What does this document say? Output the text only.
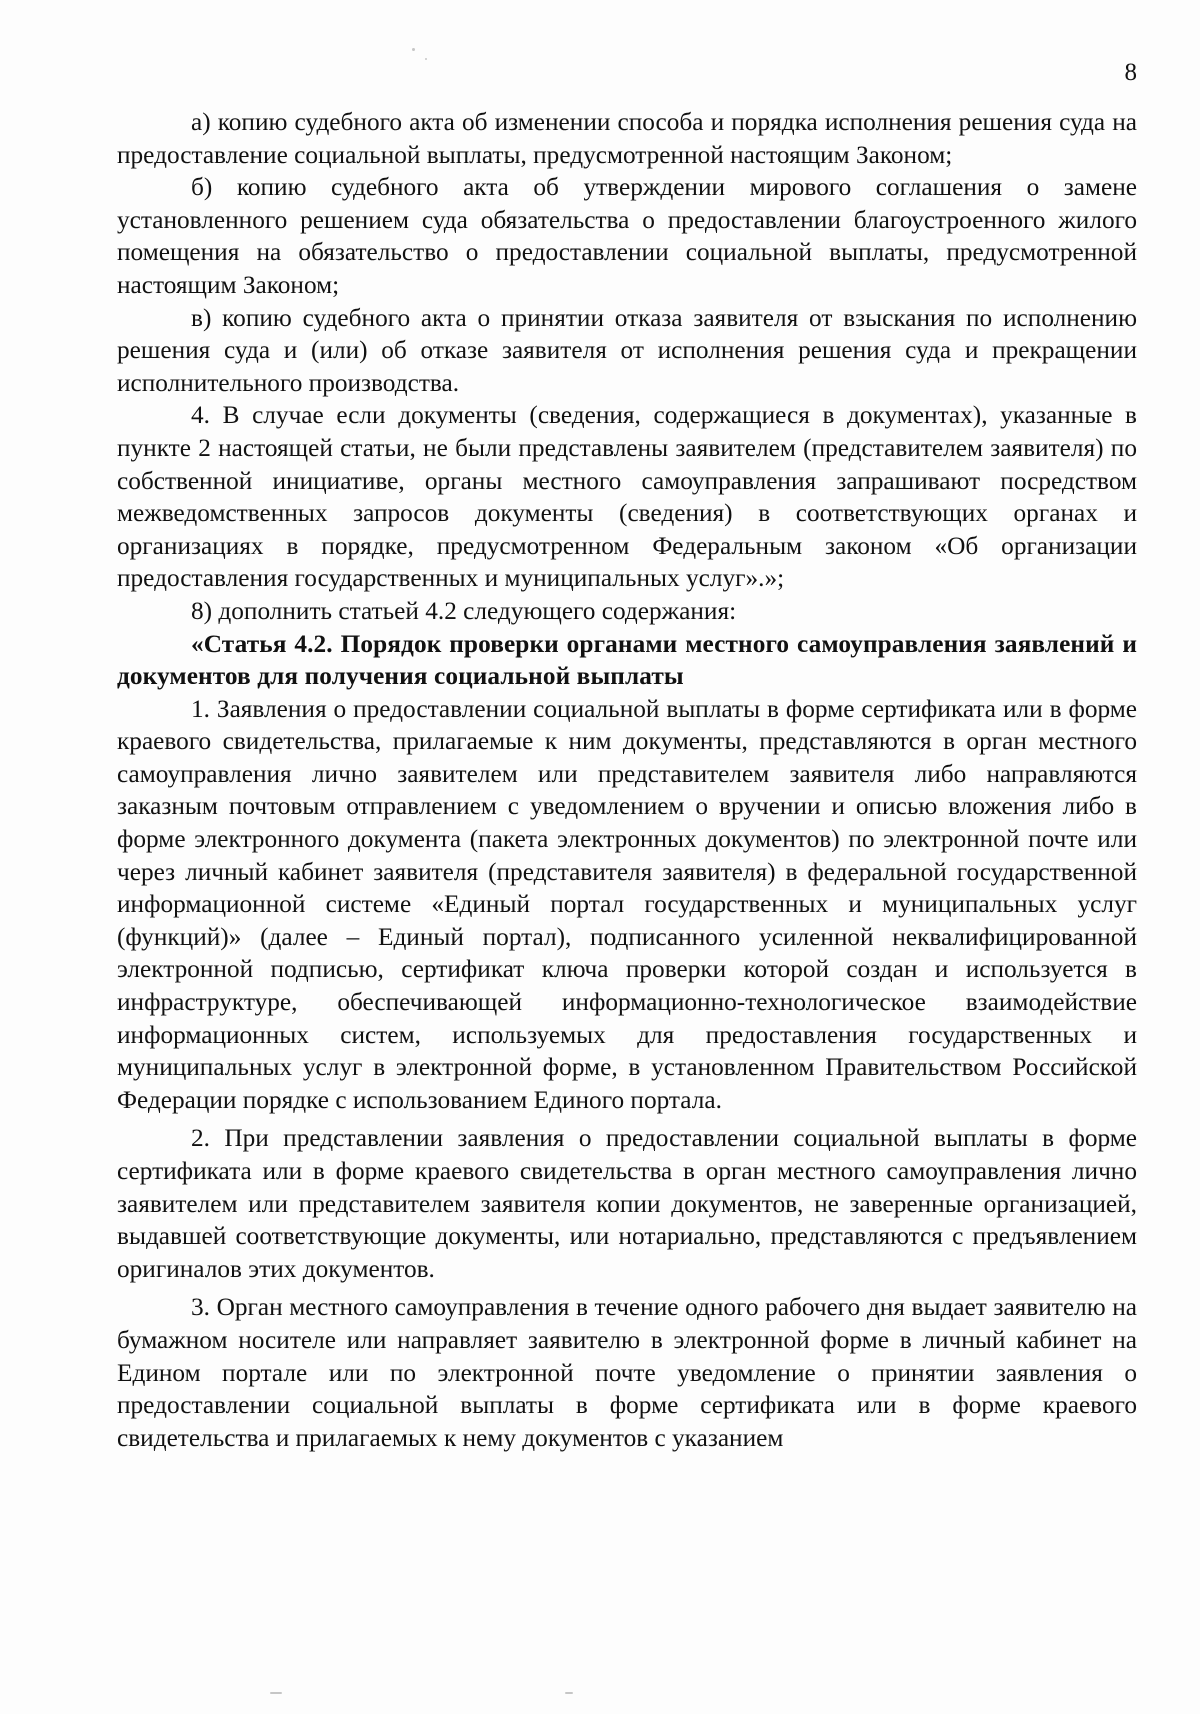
8

а) копию судебного акта об изменении способа и порядка исполнения решения суда на предоставление социальной выплаты, предусмотренной настоящим Законом;

б) копию судебного акта об утверждении мирового соглашения о замене установленного решением суда обязательства о предоставлении благоустроенного жилого помещения на обязательство о предоставлении социальной выплаты, предусмотренной настоящим Законом;

в) копию судебного акта о принятии отказа заявителя от взыскания по исполнению решения суда и (или) об отказе заявителя от исполнения решения суда и прекращении исполнительного производства.

4. В случае если документы (сведения, содержащиеся в документах), указанные в пункте 2 настоящей статьи, не были представлены заявителем (представителем заявителя) по собственной инициативе, органы местного самоуправления запрашивают посредством межведомственных запросов документы (сведения) в соответствующих органах и организациях в порядке, предусмотренном Федеральным законом «Об организации предоставления государственных и муниципальных услуг».»;

8) дополнить статьей 4.2 следующего содержания:

«Статья 4.2. Порядок проверки органами местного самоуправления заявлений и документов для получения социальной выплаты

1. Заявления о предоставлении социальной выплаты в форме сертификата или в форме краевого свидетельства, прилагаемые к ним документы, представляются в орган местного самоуправления лично заявителем или представителем заявителя либо направляются заказным почтовым отправлением с уведомлением о вручении и описью вложения либо в форме электронного документа (пакета электронных документов) по электронной почте или через личный кабинет заявителя (представителя заявителя) в федеральной государственной информационной системе «Единый портал государственных и муниципальных услуг (функций)» (далее – Единый портал), подписанного усиленной неквалифицированной электронной подписью, сертификат ключа проверки которой создан и используется в инфраструктуре, обеспечивающей информационно-технологическое взаимодействие информационных систем, используемых для предоставления государственных и муниципальных услуг в электронной форме, в установленном Правительством Российской Федерации порядке с использованием Единого портала.

2. При представлении заявления о предоставлении социальной выплаты в форме сертификата или в форме краевого свидетельства в орган местного самоуправления лично заявителем или представителем заявителя копии документов, не заверенные организацией, выдавшей соответствующие документы, или нотариально, представляются с предъявлением оригиналов этих документов.

3. Орган местного самоуправления в течение одного рабочего дня выдает заявителю на бумажном носителе или направляет заявителю в электронной форме в личный кабинет на Едином портале или по электронной почте уведомление о принятии заявления о предоставлении социальной выплаты в форме сертификата или в форме краевого свидетельства и прилагаемых к нему документов с указанием
